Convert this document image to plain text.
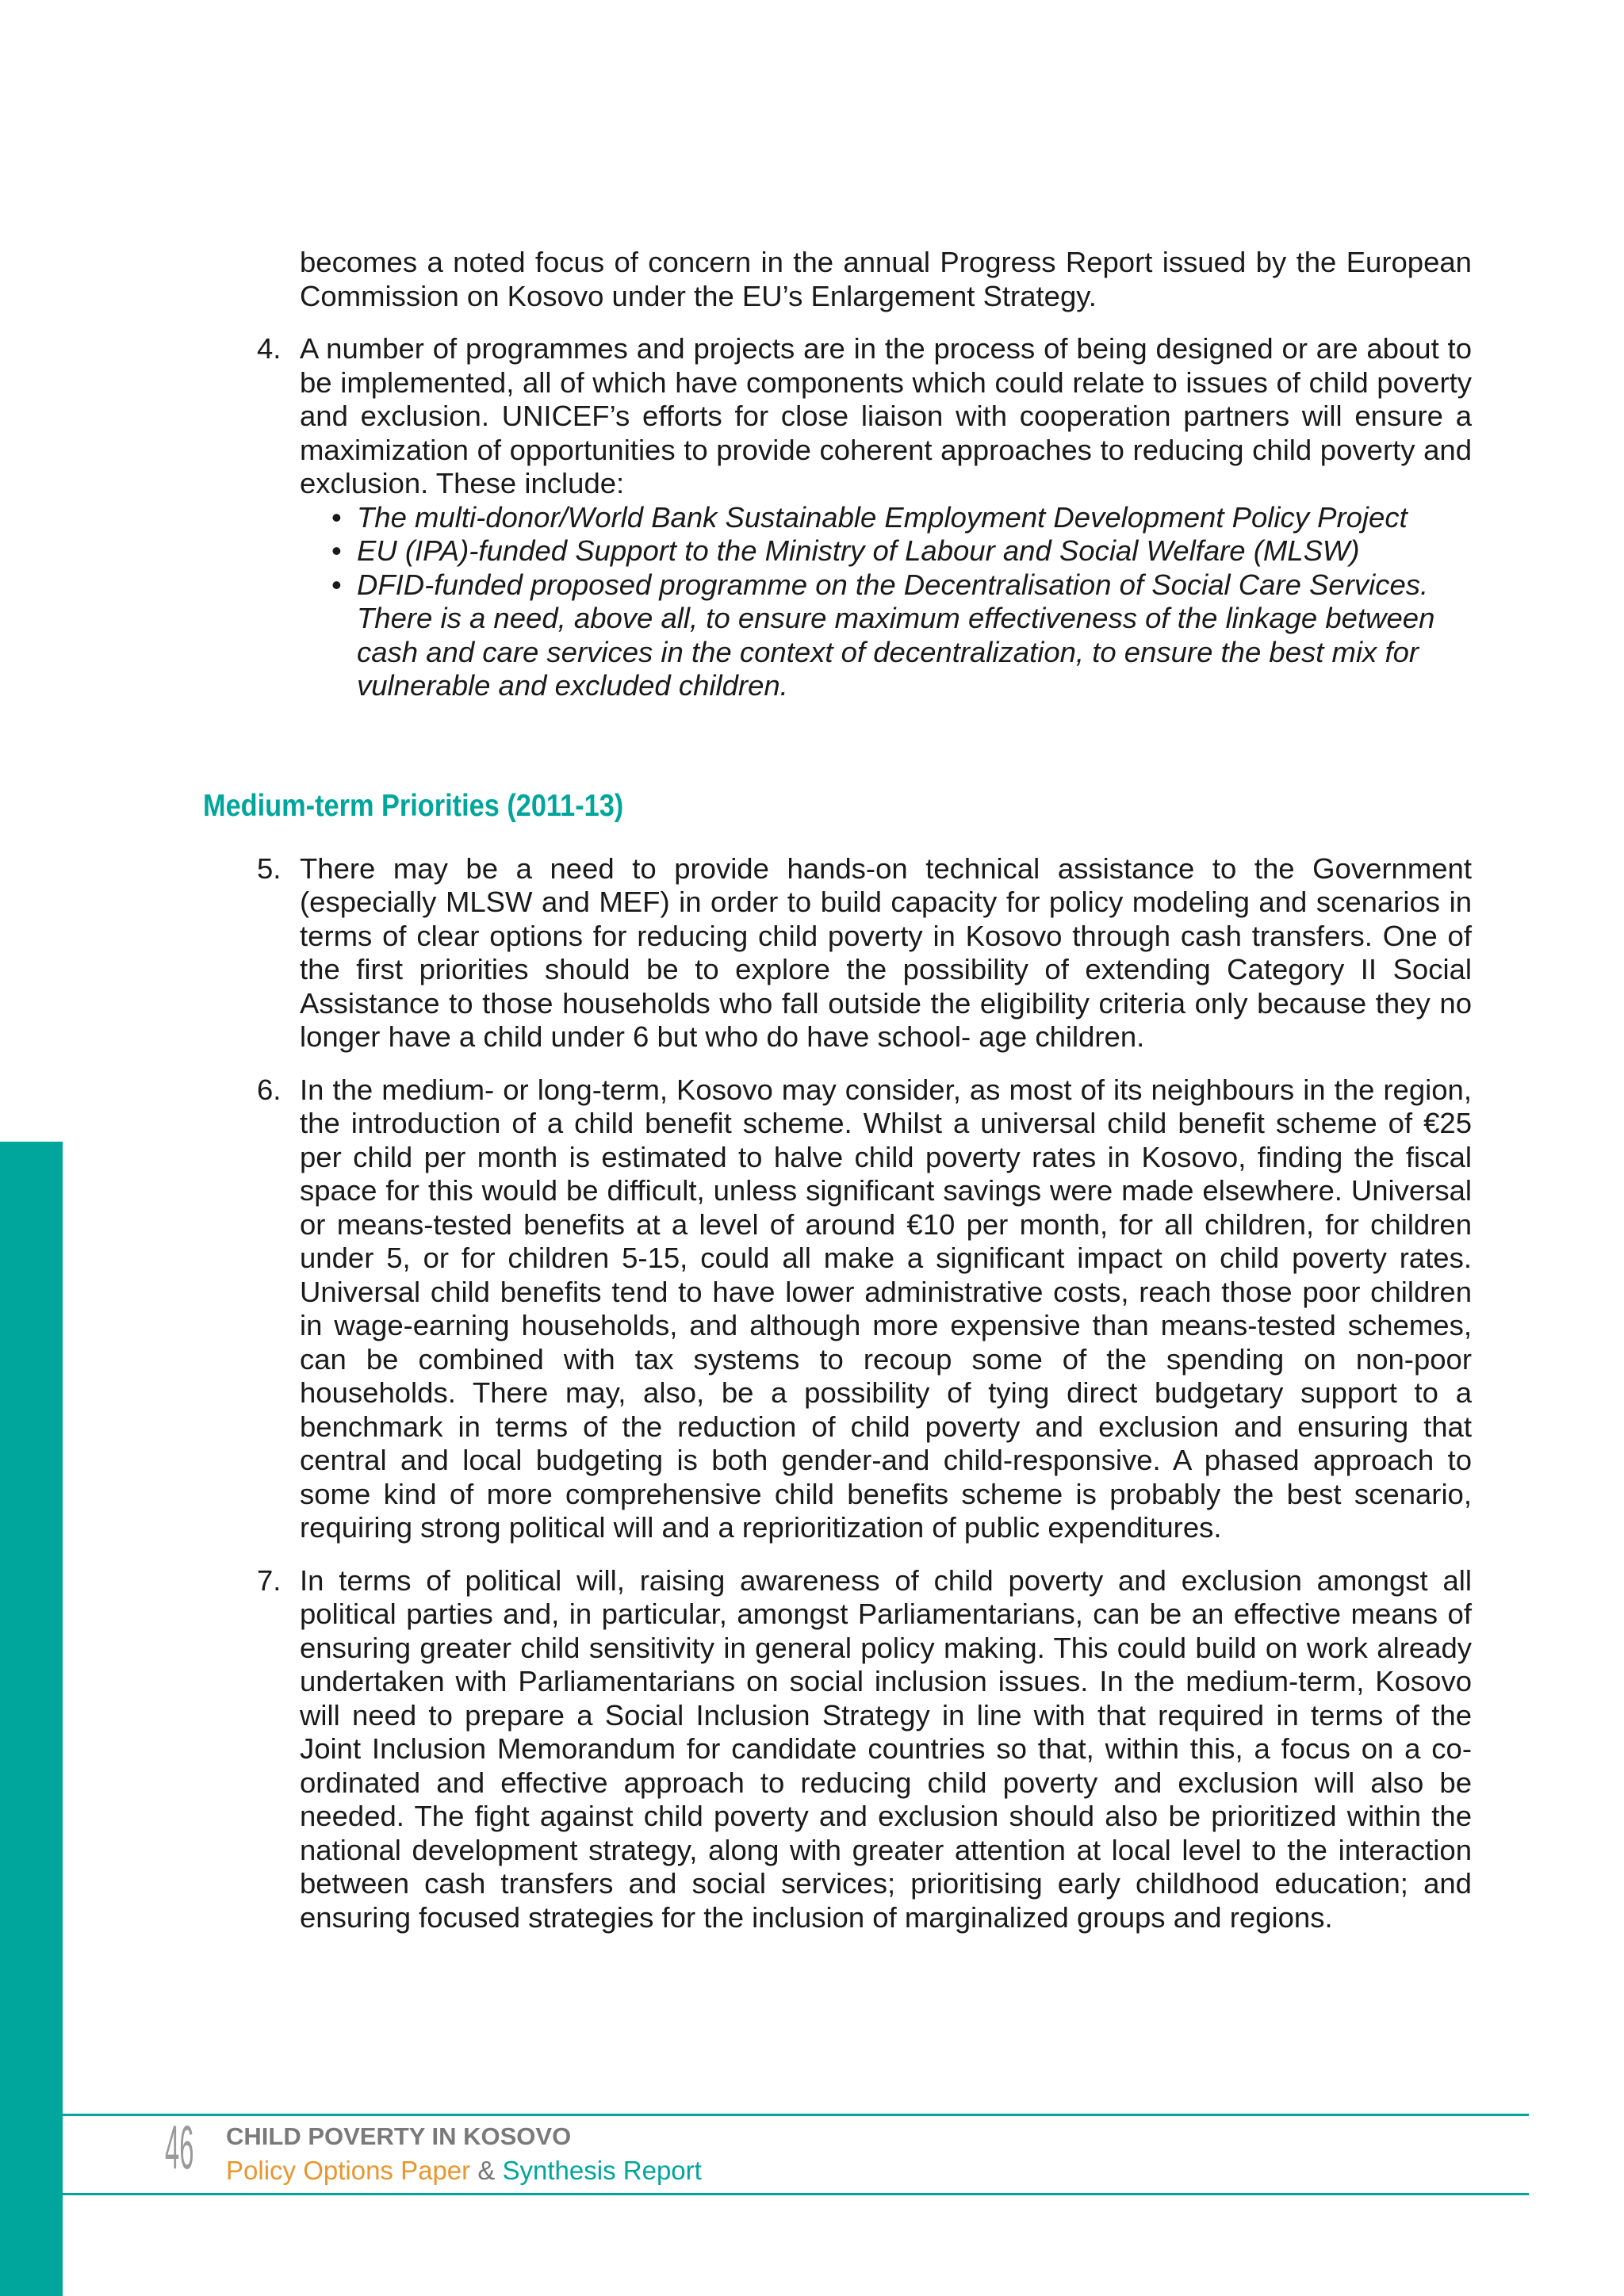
becomes a noted focus of concern in the annual Progress Report issued by the European Commission on Kosovo under the EU’s Enlargement Strategy.

4. A number of programmes and projects are in the process of being designed or are about to be implemented, all of which have components which could relate to issues of child poverty and exclusion. UNICEF’s efforts for close liaison with cooperation partners will ensure a maximization of opportunities to provide coherent approaches to reducing child poverty and exclusion. These include:

• The multi-donor/World Bank Sustainable Employment Development Policy Project
• EU (IPA)-funded Support to the Ministry of Labour and Social Welfare (MLSW)
• DFID-funded proposed programme on the Decentralisation of Social Care Services. There is a need, above all, to ensure maximum effectiveness of the linkage between cash and care services in the context of decentralization, to ensure the best mix for vulnerable and excluded children.
Medium-term Priorities (2011-13)
5. There may be a need to provide hands-on technical assistance to the Government (especially MLSW and MEF) in order to build capacity for policy modeling and scenarios in terms of clear options for reducing child poverty in Kosovo through cash transfers. One of the first priorities should be to explore the possibility of extending Category II Social Assistance to those households who fall outside the eligibility criteria only because they no longer have a child under 6 but who do have school- age children.

6. In the medium- or long-term, Kosovo may consider, as most of its neighbours in the region, the introduction of a child benefit scheme. Whilst a universal child benefit scheme of €25 per child per month is estimated to halve child poverty rates in Kosovo, finding the fiscal space for this would be difficult, unless significant savings were made elsewhere. Universal or means-tested benefits at a level of around €10 per month, for all children, for children under 5, or for children 5-15, could all make a significant impact on child poverty rates. Universal child benefits tend to have lower administrative costs, reach those poor children in wage-earning households, and although more expensive than means-tested schemes, can be combined with tax systems to recoup some of the spending on non-poor households. There may, also, be a possibility of tying direct budgetary support to a benchmark in terms of the reduction of child poverty and exclusion and ensuring that central and local budgeting is both gender-and child-responsive. A phased approach to some kind of more comprehensive child benefits scheme is probably the best scenario, requiring strong political will and a reprioritization of public expenditures.

7. In terms of political will, raising awareness of child poverty and exclusion amongst all political parties and, in particular, amongst Parliamentarians, can be an effective means of ensuring greater child sensitivity in general policy making. This could build on work already undertaken with Parliamentarians on social inclusion issues. In the medium-term, Kosovo will need to prepare a Social Inclusion Strategy in line with that required in terms of the Joint Inclusion Memorandum for candidate countries so that, within this, a focus on a co-ordinated and effective approach to reducing child poverty and exclusion will also be needed. The fight against child poverty and exclusion should also be prioritized within the national development strategy, along with greater attention at local level to the interaction between cash transfers and social services; prioritising early childhood education; and ensuring focused strategies for the inclusion of marginalized groups and regions.

46 CHILD POVERTY IN KOSOVO
Policy Options Paper & Synthesis Report
